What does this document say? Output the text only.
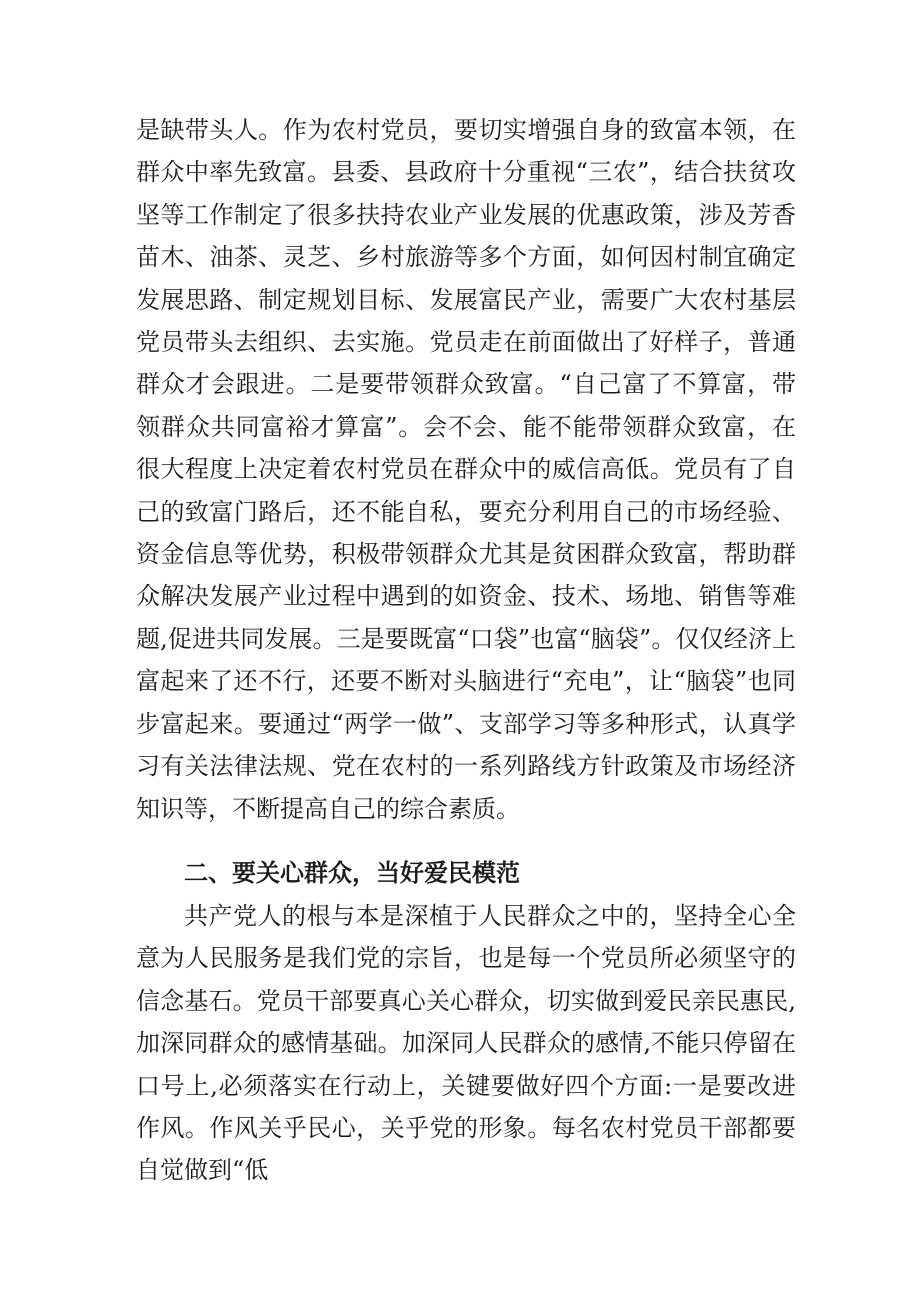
是缺带头人。作为农村党员，要切实增强自身的致富本领，在群众中率先致富。县委、县政府十分重视“三农”，结合扶贫攻坚等工作制定了很多扶持农业产业发展的优惠政策，涉及芳香苗木、油茶、灵芝、乡村旅游等多个方面，如何因村制宜确定发展思路、制定规划目标、发展富民产业，需要广大农村基层党员带头去组织、去实施。党员走在前面做出了好样子，普通群众才会跟进。二是要带领群众致富。“自己富了不算富，带领群众共同富裕才算富”。会不会、能不能带领群众致富，在很大程度上决定着农村党员在群众中的威信高低。党员有了自己的致富门路后，还不能自私，要充分利用自己的市场经验、资金信息等优势，积极带领群众尤其是贫困群众致富，帮助群众解决发展产业过程中遇到的如资金、技术、场地、销售等难题,促进共同发展。三是要既富“口袋”也富“脑袋”。仅仅经济上富起来了还不行，还要不断对头脑进行“充电”，让“脑袋”也同步富起来。要通过“两学一做”、支部学习等多种形式，认真学习有关法律法规、党在农村的一系列路线方针政策及市场经济知识等，不断提高自己的综合素质。

二、要关心群众，当好爱民模范

共产党人的根与本是深植于人民群众之中的，坚持全心全意为人民服务是我们党的宗旨，也是每一个党员所必须坚守的信念基石。党员干部要真心关心群众，切实做到爱民亲民惠民,加深同群众的感情基础。加深同人民群众的感情,不能只停留在口号上,必须落实在行动上，关键要做好四个方面:一是要改进作风。作风关乎民心，关乎党的形象。每名农村党员干部都要自觉做到“低
